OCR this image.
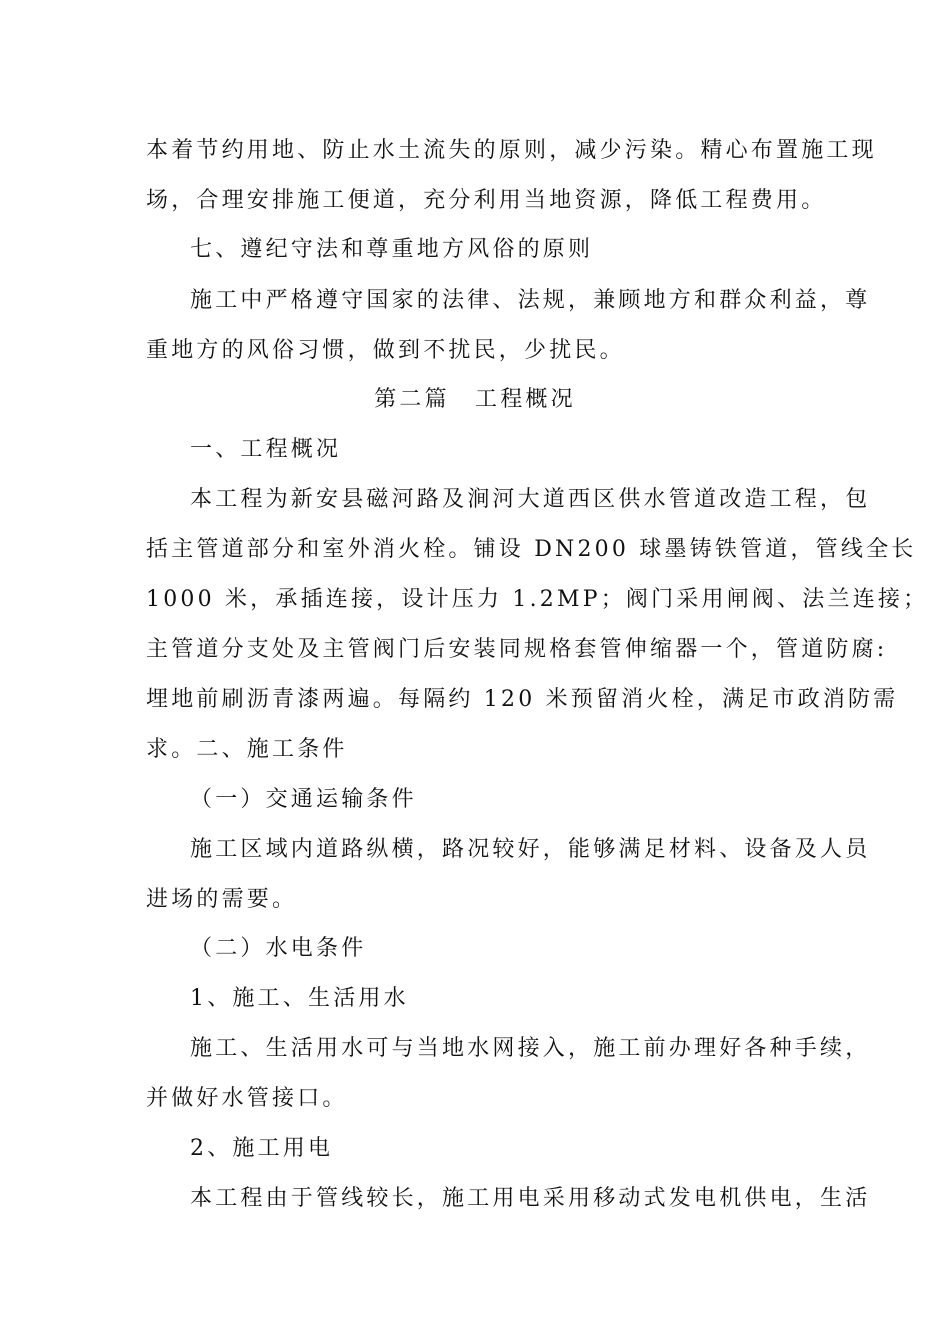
本着节约用地、防止水土流失的原则，减少污染。精心布置施工现
场，合理安排施工便道，充分利用当地资源，降低工程费用。
七、遵纪守法和尊重地方风俗的原则
施工中严格遵守国家的法律、法规，兼顾地方和群众利益，尊
重地方的风俗习惯，做到不扰民，少扰民。
第二篇　工程概况
一、工程概况
本工程为新安县磁河路及涧河大道西区供水管道改造工程，包
括主管道部分和室外消火栓。铺设 DN200 球墨铸铁管道，管线全长
1000 米，承插连接，设计压力 1.2MP；阀门采用闸阀、法兰连接；
主管道分支处及主管阀门后安装同规格套管伸缩器一个，管道防腐:
埋地前刷沥青漆两遍。每隔约 120 米预留消火栓，满足市政消防需
求。二、施工条件
（一）交通运输条件
施工区域内道路纵横，路况较好，能够满足材料、设备及人员
进场的需要。
（二）水电条件
1、施工、生活用水
施工、生活用水可与当地水网接入，施工前办理好各种手续，
并做好水管接口。
2、施工用电
本工程由于管线较长，施工用电采用移动式发电机供电，生活
